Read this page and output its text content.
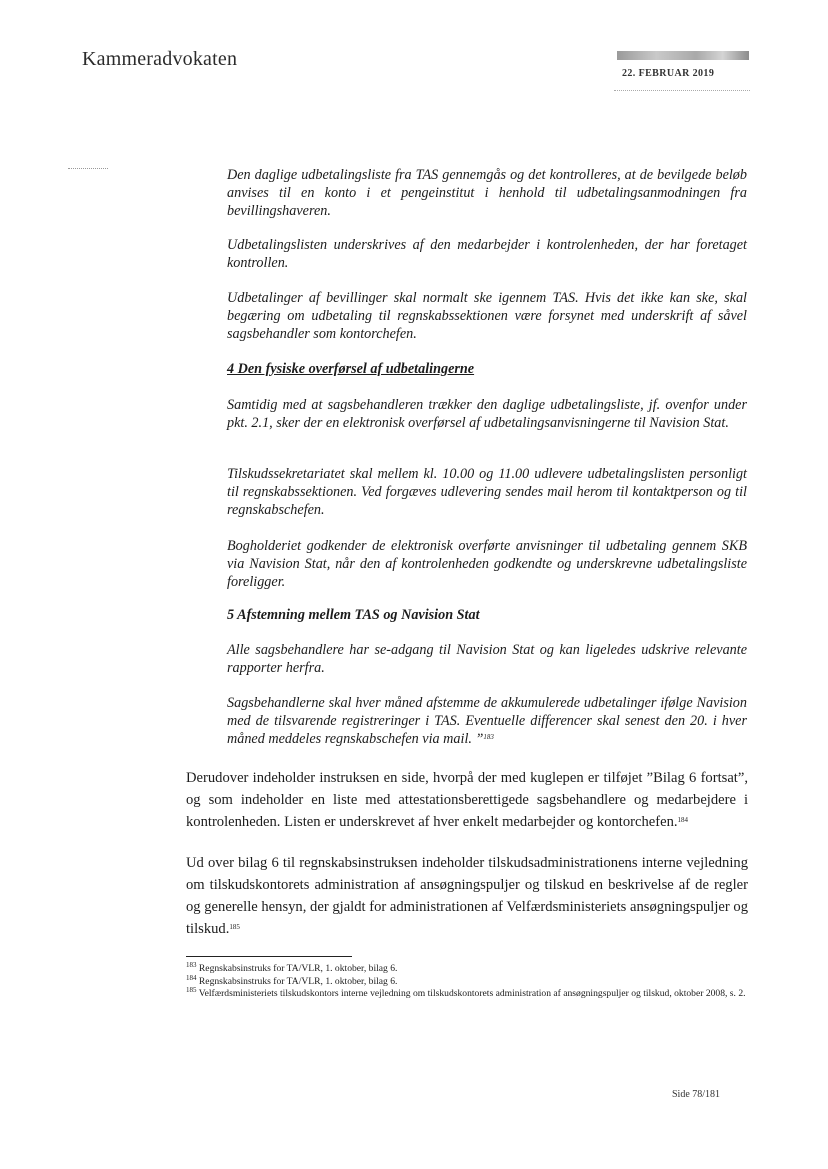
Kammeradvokaten
22. FEBRUAR 2019

Den daglige udbetalingsliste fra TAS gennemgås og det kontrolleres, at de bevilgede beløb anvises til en konto i et pengeinstitut i henhold til udbetalingsanmodningen fra bevillingshaveren.

Udbetalingslisten underskrives af den medarbejder i kontrolenheden, der har foretaget kontrollen.

Udbetalinger af bevillinger skal normalt ske igennem TAS. Hvis det ikke kan ske, skal begæring om udbetaling til regnskabssektionen være forsynet med underskrift af såvel sagsbehandler som kontorchefen.

4 Den fysiske overførsel af udbetalingerne

Samtidig med at sagsbehandleren trækker den daglige udbetalingsliste, jf. ovenfor under pkt. 2.1, sker der en elektronisk overførsel af udbetalingsanvisningerne til Navision Stat.

Tilskudssekretariatet skal mellem kl. 10.00 og 11.00 udlevere udbetalingslisten personligt til regnskabssektionen. Ved forgæves udlevering sendes mail herom til kontaktperson og til regnskabschefen.

Bogholderiet godkender de elektronisk overførte anvisninger til udbetaling gennem SKB via Navision Stat, når den af kontrolenheden godkendte og underskrevne udbetalingsliste foreligger.

5 Afstemning mellem TAS og Navision Stat

Alle sagsbehandlere har se-adgang til Navision Stat og kan ligeledes udskrive relevante rapporter herfra.

Sagsbehandlerne skal hver måned afstemme de akkumulerede udbetalinger ifølge Navision med de tilsvarende registreringer i TAS. Eventuelle differencer skal senest den 20. i hver måned meddeles regnskabschefen via mail. ”$^{183}$

Derudover indeholder instruksen en side, hvorpå der med kuglepen er tilføjet ”Bilag 6 fortsat”, og som indeholder en liste med attestationsberettigede sagsbehandlere og medarbejdere i kontrolenheden. Listen er underskrevet af hver enkelt medarbejder og kontorchefen.$^{184}$

Ud over bilag 6 til regnskabsinstruksen indeholder tilskudsadministrationens interne vejledning om tilskudskontorets administration af ansøgningspuljer og tilskud en beskrivelse af de regler og generelle hensyn, der gjaldt for administrationen af Velfærdsministeriets ansøgningspuljer og tilskud.$^{185}$

$^{183}$ Regnskabsinstruks for TA/VLR, 1. oktober, bilag 6.

$^{184}$ Regnskabsinstruks for TA/VLR, 1. oktober, bilag 6.

$^{185}$ Velfærdsministeriets tilskudskontors interne vejledning om tilskudskontorets administration af ansøgningspuljer og tilskud, oktober 2008, s. 2.

Side 78/181
